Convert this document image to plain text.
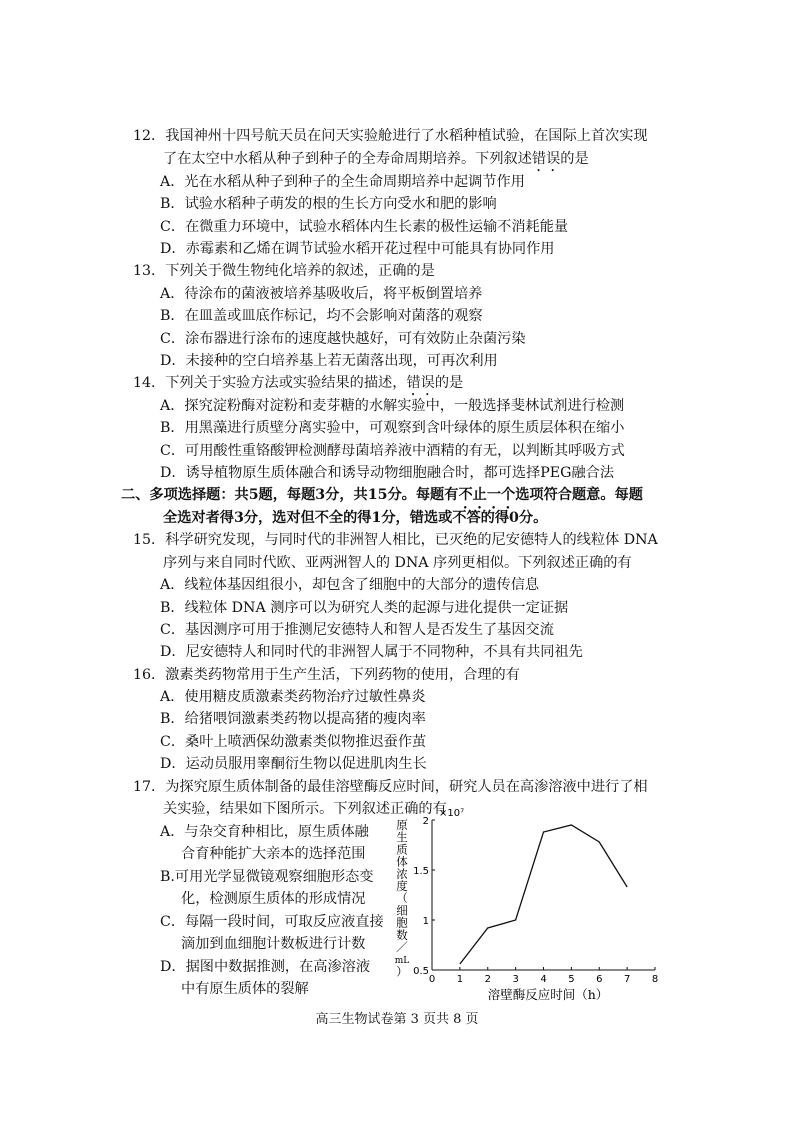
12．我国神州十四号航天员在问天实验舱进行了水稻种植试验，在国际上首次实现
了在太空中水稻从种子到种子的全寿命周期培养。下列叙述错误的是
A．光在水稻从种子到种子的全生命周期培养中起调节作用
B．试验水稻种子萌发的根的生长方向受水和肥的影响
C．在微重力环境中，试验水稻体内生长素的极性运输不消耗能量
D．赤霉素和乙烯在调节试验水稻开花过程中可能具有协同作用
13．下列关于微生物纯化培养的叙述，正确的是
A．待涂布的菌液被培养基吸收后，将平板倒置培养
B．在皿盖或皿底作标记，均不会影响对菌落的观察
C．涂布器进行涂布的速度越快越好，可有效防止杂菌污染
D．未接种的空白培养基上若无菌落出现，可再次利用
14．下列关于实验方法或实验结果的描述，错误的是
A．探究淀粉酶对淀粉和麦芽糖的水解实验中，一般选择斐林试剂进行检测
B．用黑藻进行质壁分离实验中，可观察到含叶绿体的原生质层体积在缩小
C．可用酸性重铬酸钾检测酵母菌培养液中酒精的有无，以判断其呼吸方式
D．诱导植物原生质体融合和诱导动物细胞融合时，都可选择PEG融合法
二、多项选择题：共5题，每题3分，共15分。每题有不止一个选项符合题意。每题
全选对者得3分，选对但不全的得1分，错选或不答的得0分。
15．科学研究发现，与同时代的非洲智人相比，已灭绝的尼安德特人的线粒体 DNA
序列与来自同时代欧、亚两洲智人的 DNA 序列更相似。下列叙述正确的有
A．线粒体基因组很小，却包含了细胞中的大部分的遗传信息
B．线粒体 DNA 测序可以为研究人类的起源与进化提供一定证据
C．基因测序可用于推测尼安德特人和智人是否发生了基因交流
D．尼安德特人和同时代的非洲智人属于不同物种，不具有共同祖先
16．激素类药物常用于生产生活，下列药物的使用，合理的有
A．使用糖皮质激素类药物治疗过敏性鼻炎
B．给猪喂饲激素类药物以提高猪的瘦肉率
C．桑叶上喷洒保幼激素类似物推迟蚕作茧
D．运动员服用睾酮衍生物以促进肌肉生长
17．为探究原生质体制备的最佳溶壁酶反应时间，研究人员在高渗溶液中进行了相
关实验，结果如下图所示。下列叙述正确的有
A．与杂交育种相比，原生质体融
合育种能扩大亲本的选择范围
B.可用光学显微镜观察细胞形态变
化，检测原生质体的形成情况
C．每隔一段时间，可取反应液直接
滴加到血细胞计数板进行计数
D．据图中数据推测，在高渗溶液
中有原生质体的裂解
原
生
质
体
浓
度
（
细
胞
数
／
mL
）
×10⁷
0 1 2 3 4 5 6 7 8
0.5
1
1.5
2
溶壁酶反应时间（h）
高三生物试卷第 3 页共 8 页
